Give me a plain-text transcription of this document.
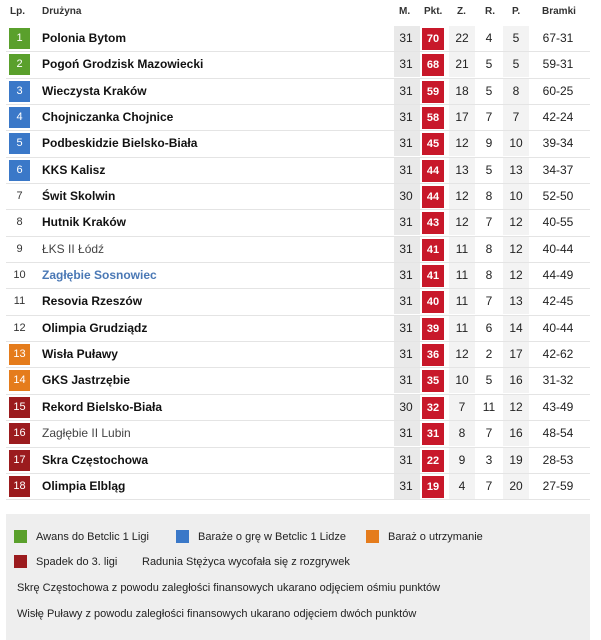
Lp. Drużyna	M. Pkt. Z. R. P. Bramki
1	Polonia Bytom	31	70	22	4	5	67-31
2	Pogoń Grodzisk Mazowiecki	31	68	21	5	5	59-31
3	Wieczysta Kraków	31	59	18	5	8	60-25
4	Chojniczanka Chojnice	31	58	17	7	7	42-24
5	Podbeskidzie Bielsko-Biała	31	45	12	9	10	39-34
6	KKS Kalisz	31	44	13	5	13	34-37
7	Świt Skolwin	30	44	12	8	10	52-50
8	Hutnik Kraków	31	43	12	7	12	40-55
9	ŁKS II Łódź	31	41	11	8	12	40-44
10	Zagłębie Sosnowiec	31	41	11	8	12	44-49
11	Resovia Rzeszów	31	40	11	7	13	42-45
12	Olimpia Grudziądz	31	39	11	6	14	40-44
13	Wisła Puławy	31	36	12	2	17	42-62
14	GKS Jastrzębie	31	35	10	5	16	31-32
15	Rekord Bielsko-Biała	30	32	7	11	12	43-49
16	Zagłębie II Lubin	31	31	8	7	16	48-54
17	Skra Częstochowa	31	22	9	3	19	28-53
18	Olimpia Elbląg	31	19	4	7	20	27-59
Awans do Betclic 1 Ligi	Baraże o grę w Betclic 1 Lidze	Baraż o utrzymanie
Spadek do 3. ligi Radunia Stężyca wycofała się z rozgrywek
Skrę Częstochowa z powodu zaległości finansowych ukarano odjęciem ośmiu punktów
Wisłę Puławy z powodu zaległości finansowych ukarano odjęciem dwóch punktów
